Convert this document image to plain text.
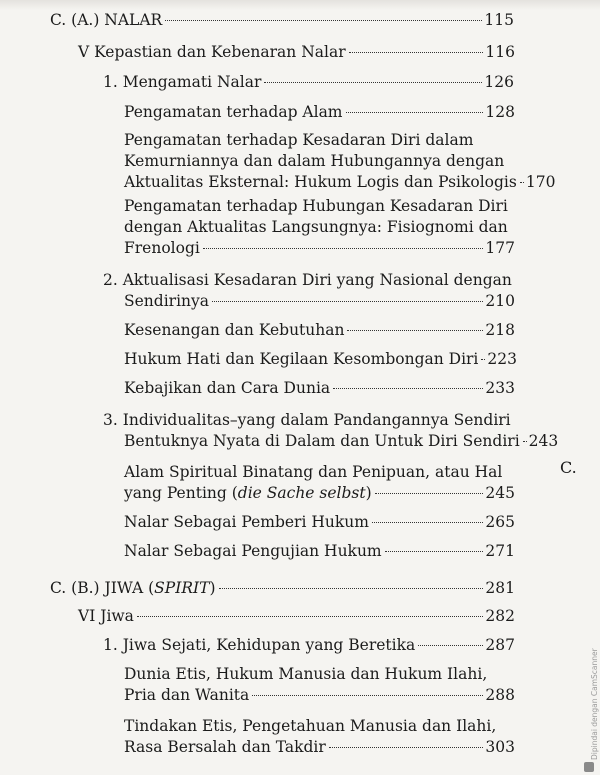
C. (A.) NALAR	115
V Kepastian dan Kebenaran Nalar	116
1. Mengamati Nalar	126
Pengamatan terhadap Alam	128
Pengamatan terhadap Kesadaran Diri dalam
Kemurniannya dan dalam Hubungannya dengan
Aktualitas Eksternal: Hukum Logis dan Psikologis 170
Pengamatan terhadap Hubungan Kesadaran Diri
dengan Aktualitas Langsungnya: Fisiognomi dan
Frenologi	177
2. Aktualisasi Kesadaran Diri yang Nasional dengan
Sendirinya	210
Kesenangan dan Kebutuhan	218
Hukum Hati dan Kegilaan Kesombongan Diri 223
Kebajikan dan Cara Dunia	233
3. Individualitas–yang dalam Pandangannya Sendiri
Bentuknya Nyata di Dalam dan Untuk Diri Sendiri 243
Alam Spiritual Binatang dan Penipuan, atau Hal
yang Penting (die Sache selbst)	245
Nalar Sebagai Pemberi Hukum	265
Nalar Sebagai Pengujian Hukum	271
C. (B.) JIWA (SPIRIT)	281
VI Jiwa	282
1. Jiwa Sejati, Kehidupan yang Beretika	287
Dunia Etis, Hukum Manusia dan Hukum Ilahi,
Pria dan Wanita	288
Tindakan Etis, Pengetahuan Manusia dan Ilahi,
Rasa Bersalah dan Takdir	303
C.
Dipindai dengan CamScanner
